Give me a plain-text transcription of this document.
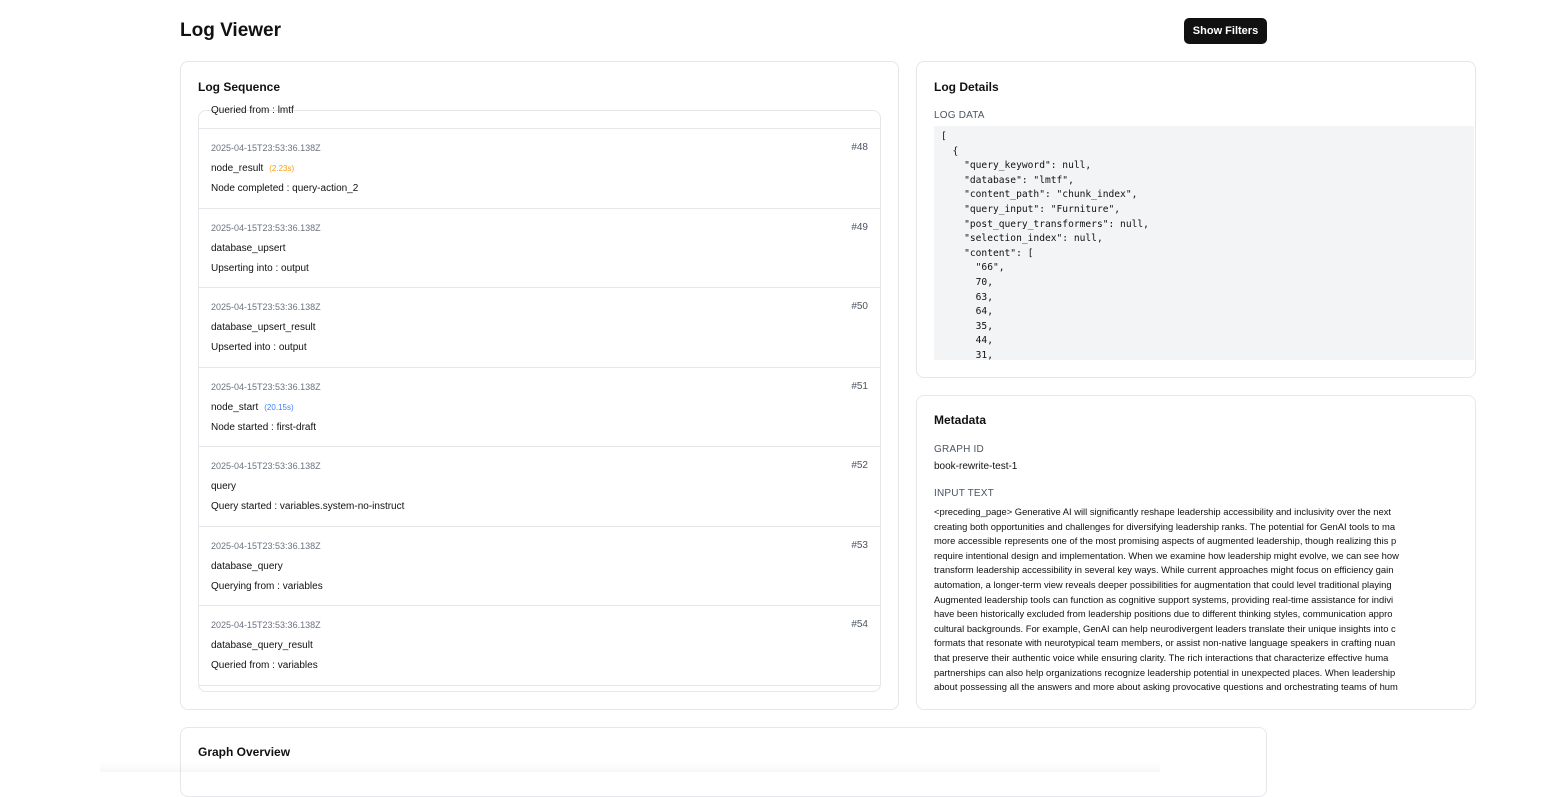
Log Viewer	Show Filters
Log Sequence
Queried from : lmtf
2025-04-15T23:53:36.138Z	#48
node_result (2.23s)
Node completed : query-action_2
2025-04-15T23:53:36.138Z	#49
database_upsert
Upserting into : output
2025-04-15T23:53:36.138Z	#50
database_upsert_result
Upserted into : output
2025-04-15T23:53:36.138Z	#51
node_start (20.15s)
Node started : first-draft
2025-04-15T23:53:36.138Z	#52
query
Query started : variables.system-no-instruct
2025-04-15T23:53:36.138Z	#53
database_query
Querying from : variables
2025-04-15T23:53:36.138Z	#54
database_query_result
Queried from : variables
Log Details
LOG DATA
[
{
"query_keyword": null,
"database": "lmtf",
"content_path": "chunk_index",
"query_input": "Furniture",
"post_query_transformers": null,
"selection_index": null,
"content": [
"66",
70,
63,
64,
35,
44,
31,
Metadata
GRAPH ID
book-rewrite-test-1
INPUT TEXT
<preceding_page> Generative AI will significantly reshape leadership accessibility and inclusivity over the next
creating both opportunities and challenges for diversifying leadership ranks. The potential for GenAI tools to ma
more accessible represents one of the most promising aspects of augmented leadership, though realizing this p
require intentional design and implementation. When we examine how leadership might evolve, we can see how
transform leadership accessibility in several key ways. While current approaches might focus on efficiency gain
automation, a longer-term view reveals deeper possibilities for augmentation that could level traditional playing
Augmented leadership tools can function as cognitive support systems, providing real-time assistance for indivi
have been historically excluded from leadership positions due to different thinking styles, communication appro
cultural backgrounds. For example, GenAI can help neurodivergent leaders translate their unique insights into c
formats that resonate with neurotypical team members, or assist non-native language speakers in crafting nuan
that preserve their authentic voice while ensuring clarity. The rich interactions that characterize effective huma
partnerships can also help organizations recognize leadership potential in unexpected places. When leadership
about possessing all the answers and more about asking provocative questions and orchestrating teams of hum
Graph Overview
